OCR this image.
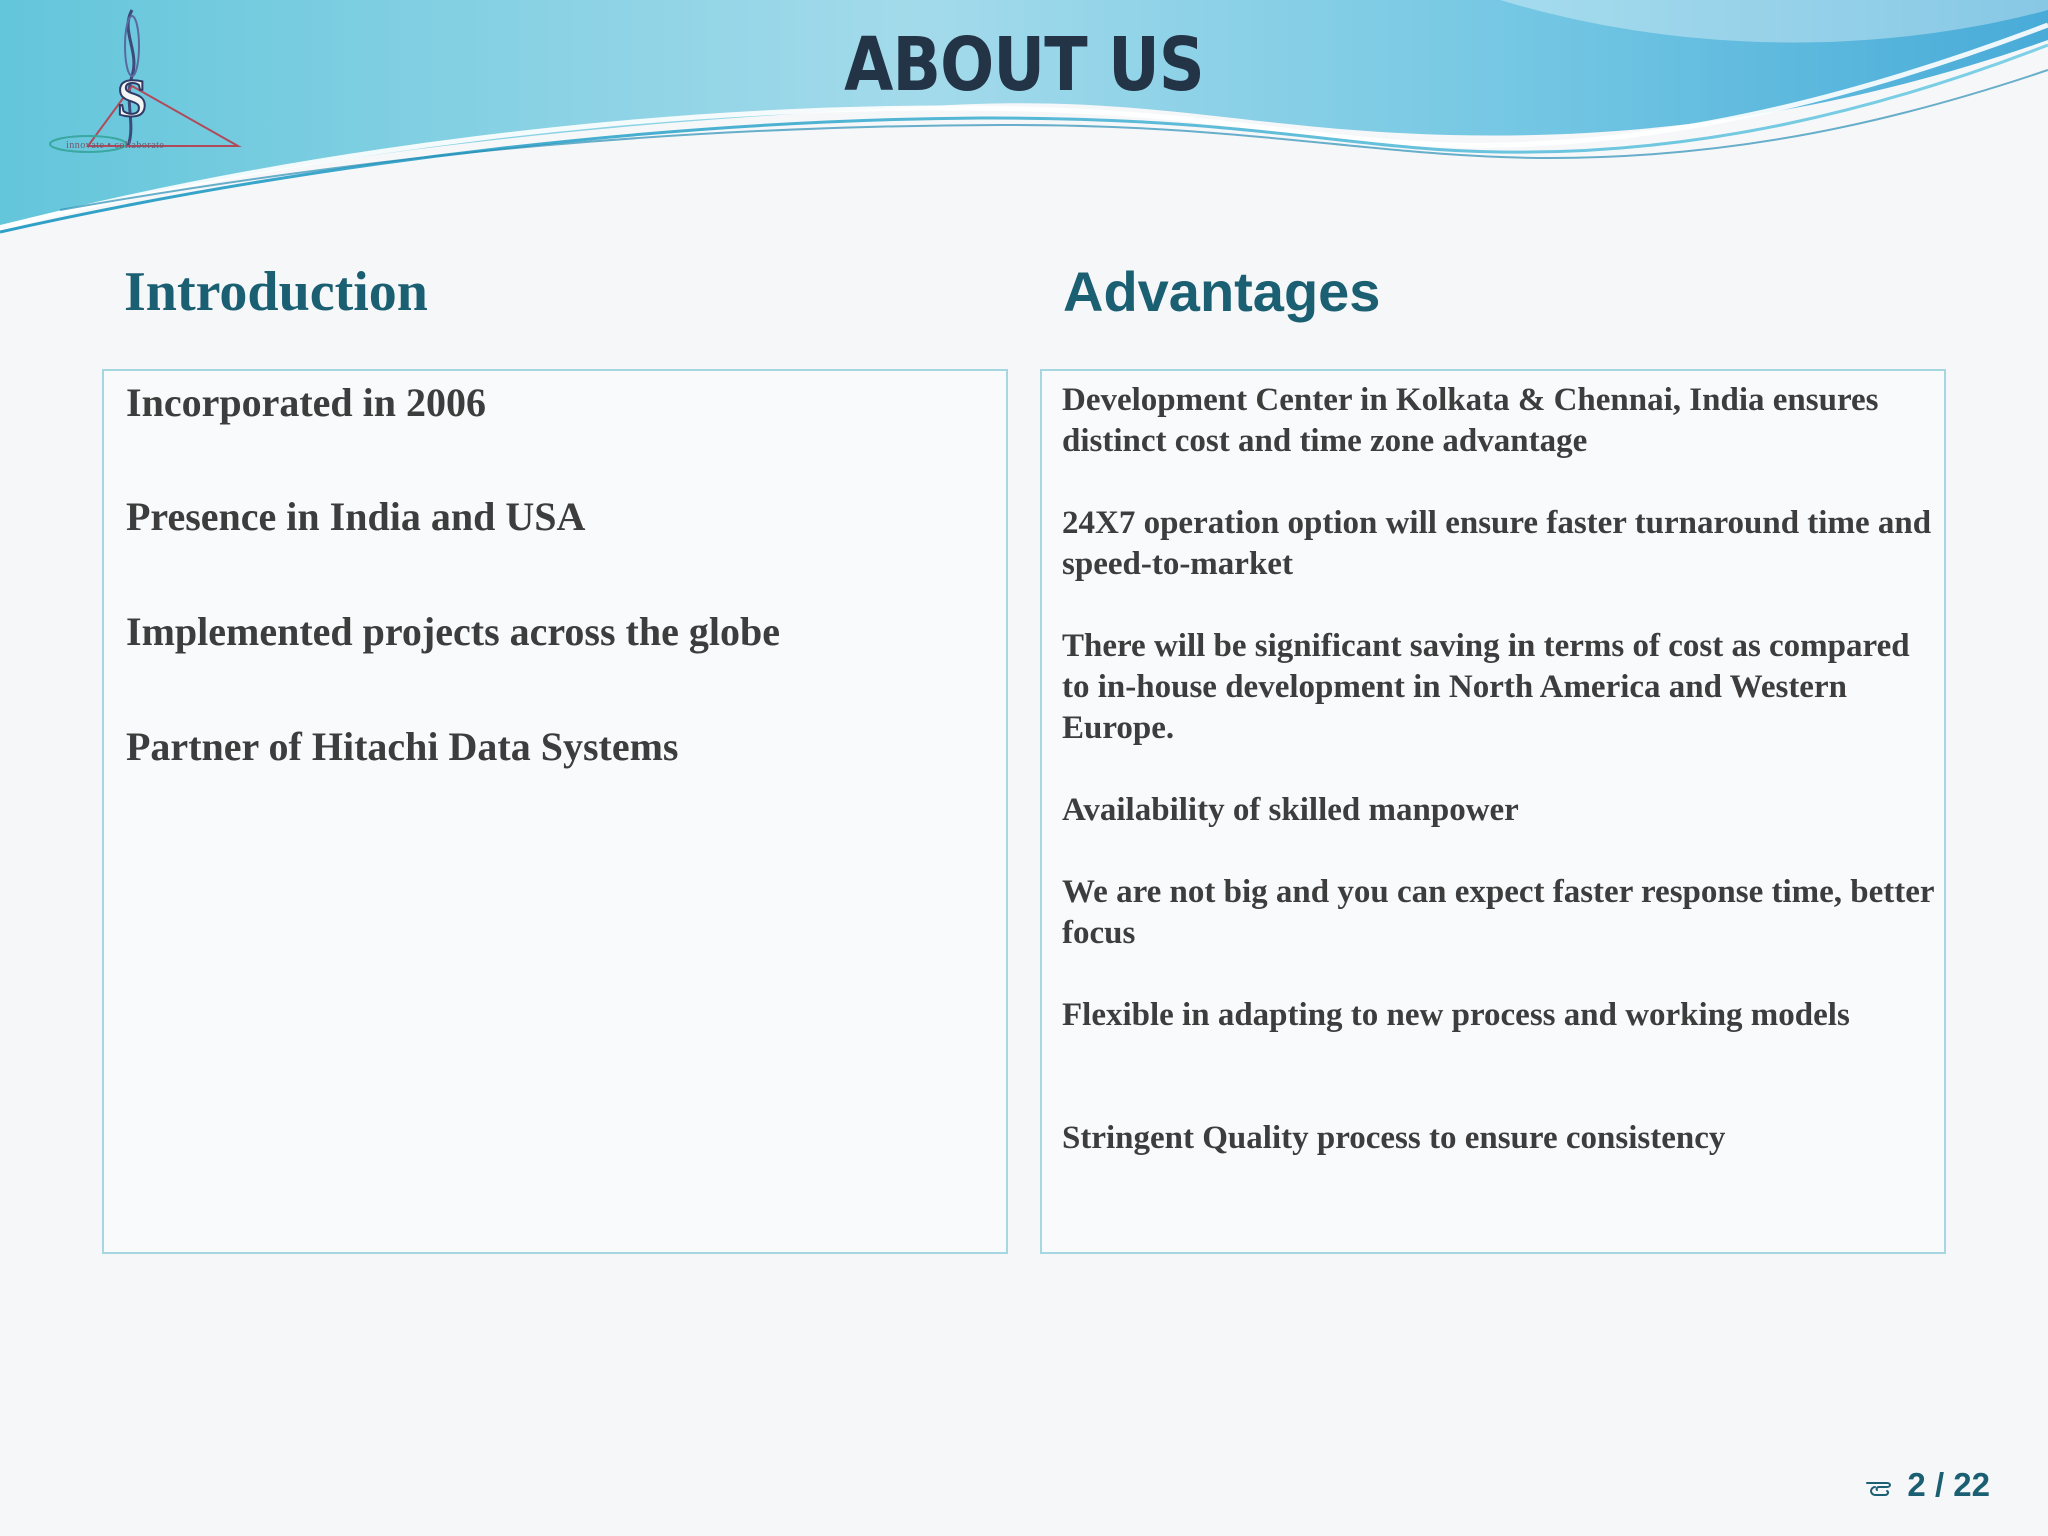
S
innovate • collaborate
ABOUT US
Introduction	Advantages
Incorporated in 2006
Presence in India and USA
Implemented projects across the globe
Partner of Hitachi Data Systems
Development Center in Kolkata & Chennai, India ensures distinct cost and time zone advantage
24X7 operation option will ensure faster turnaround time and speed-to-market
There will be significant saving in terms of cost as compared to in-house development in North America and Western Europe.
Availability of skilled manpower
We are not big and you can expect faster response time, better focus
Flexible in adapting to new process and working models
Stringent Quality process to ensure consistency
2 / 22
